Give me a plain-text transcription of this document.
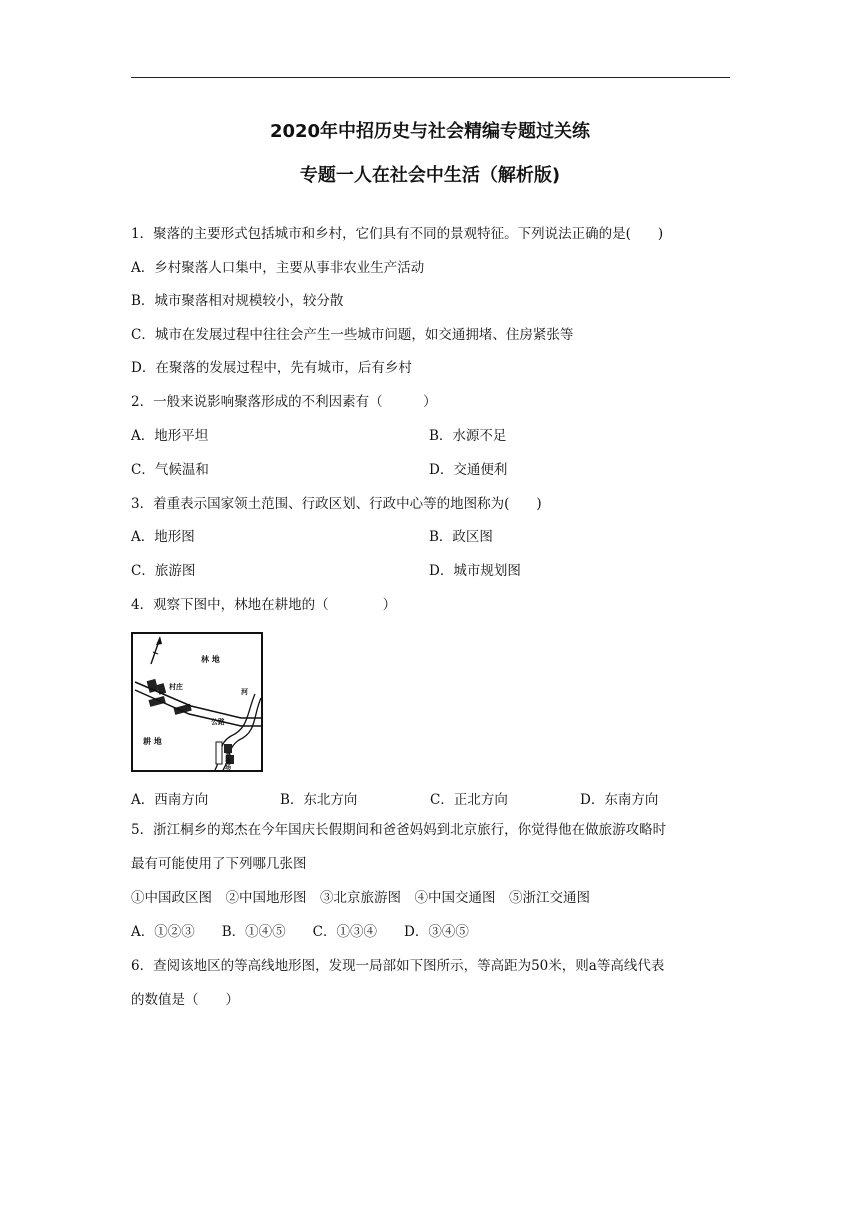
2020年中招历史与社会精编专题过关练
专题一人在社会中生活（解析版)
1．聚落的主要形式包括城市和乡村，它们具有不同的景观特征。下列说法正确的是(　　)
A．乡村聚落人口集中，主要从事非农业生产活动
B．城市聚落相对规模较小，较分散
C．城市在发展过程中往往会产生一些城市问题，如交通拥堵、住房紧张等
D．在聚落的发展过程中，先有城市，后有乡村
2．一般来说影响聚落形成的不利因素有（　　　）
A．地形平坦	B．水源不足
C．气候温和	D．交通便利
3．着重表示国家领土范围、行政区划、行政中心等的地图称为(　　)
A．地形图	B．政区图
C．旅游图	D．城市规划图
4．观察下图中，林地在耕地的（　　　　）
林 地
村庄
公路
河
耕 地
养殖场
A．西南方向	B．东北方向	C．正北方向	D．东南方向
5．浙江桐乡的郑杰在今年国庆长假期间和爸爸妈妈到北京旅行，你觉得他在做旅游攻略时
最有可能使用了下列哪几张图
①中国政区图　②中国地形图　③北京旅游图　④中国交通图　⑤浙江交通图
A．①②③　　B．①④⑤　　C．①③④　　D．③④⑤
6．查阅该地区的等高线地形图，发现一局部如下图所示，等高距为50米，则a等高线代表
的数值是（　　）
